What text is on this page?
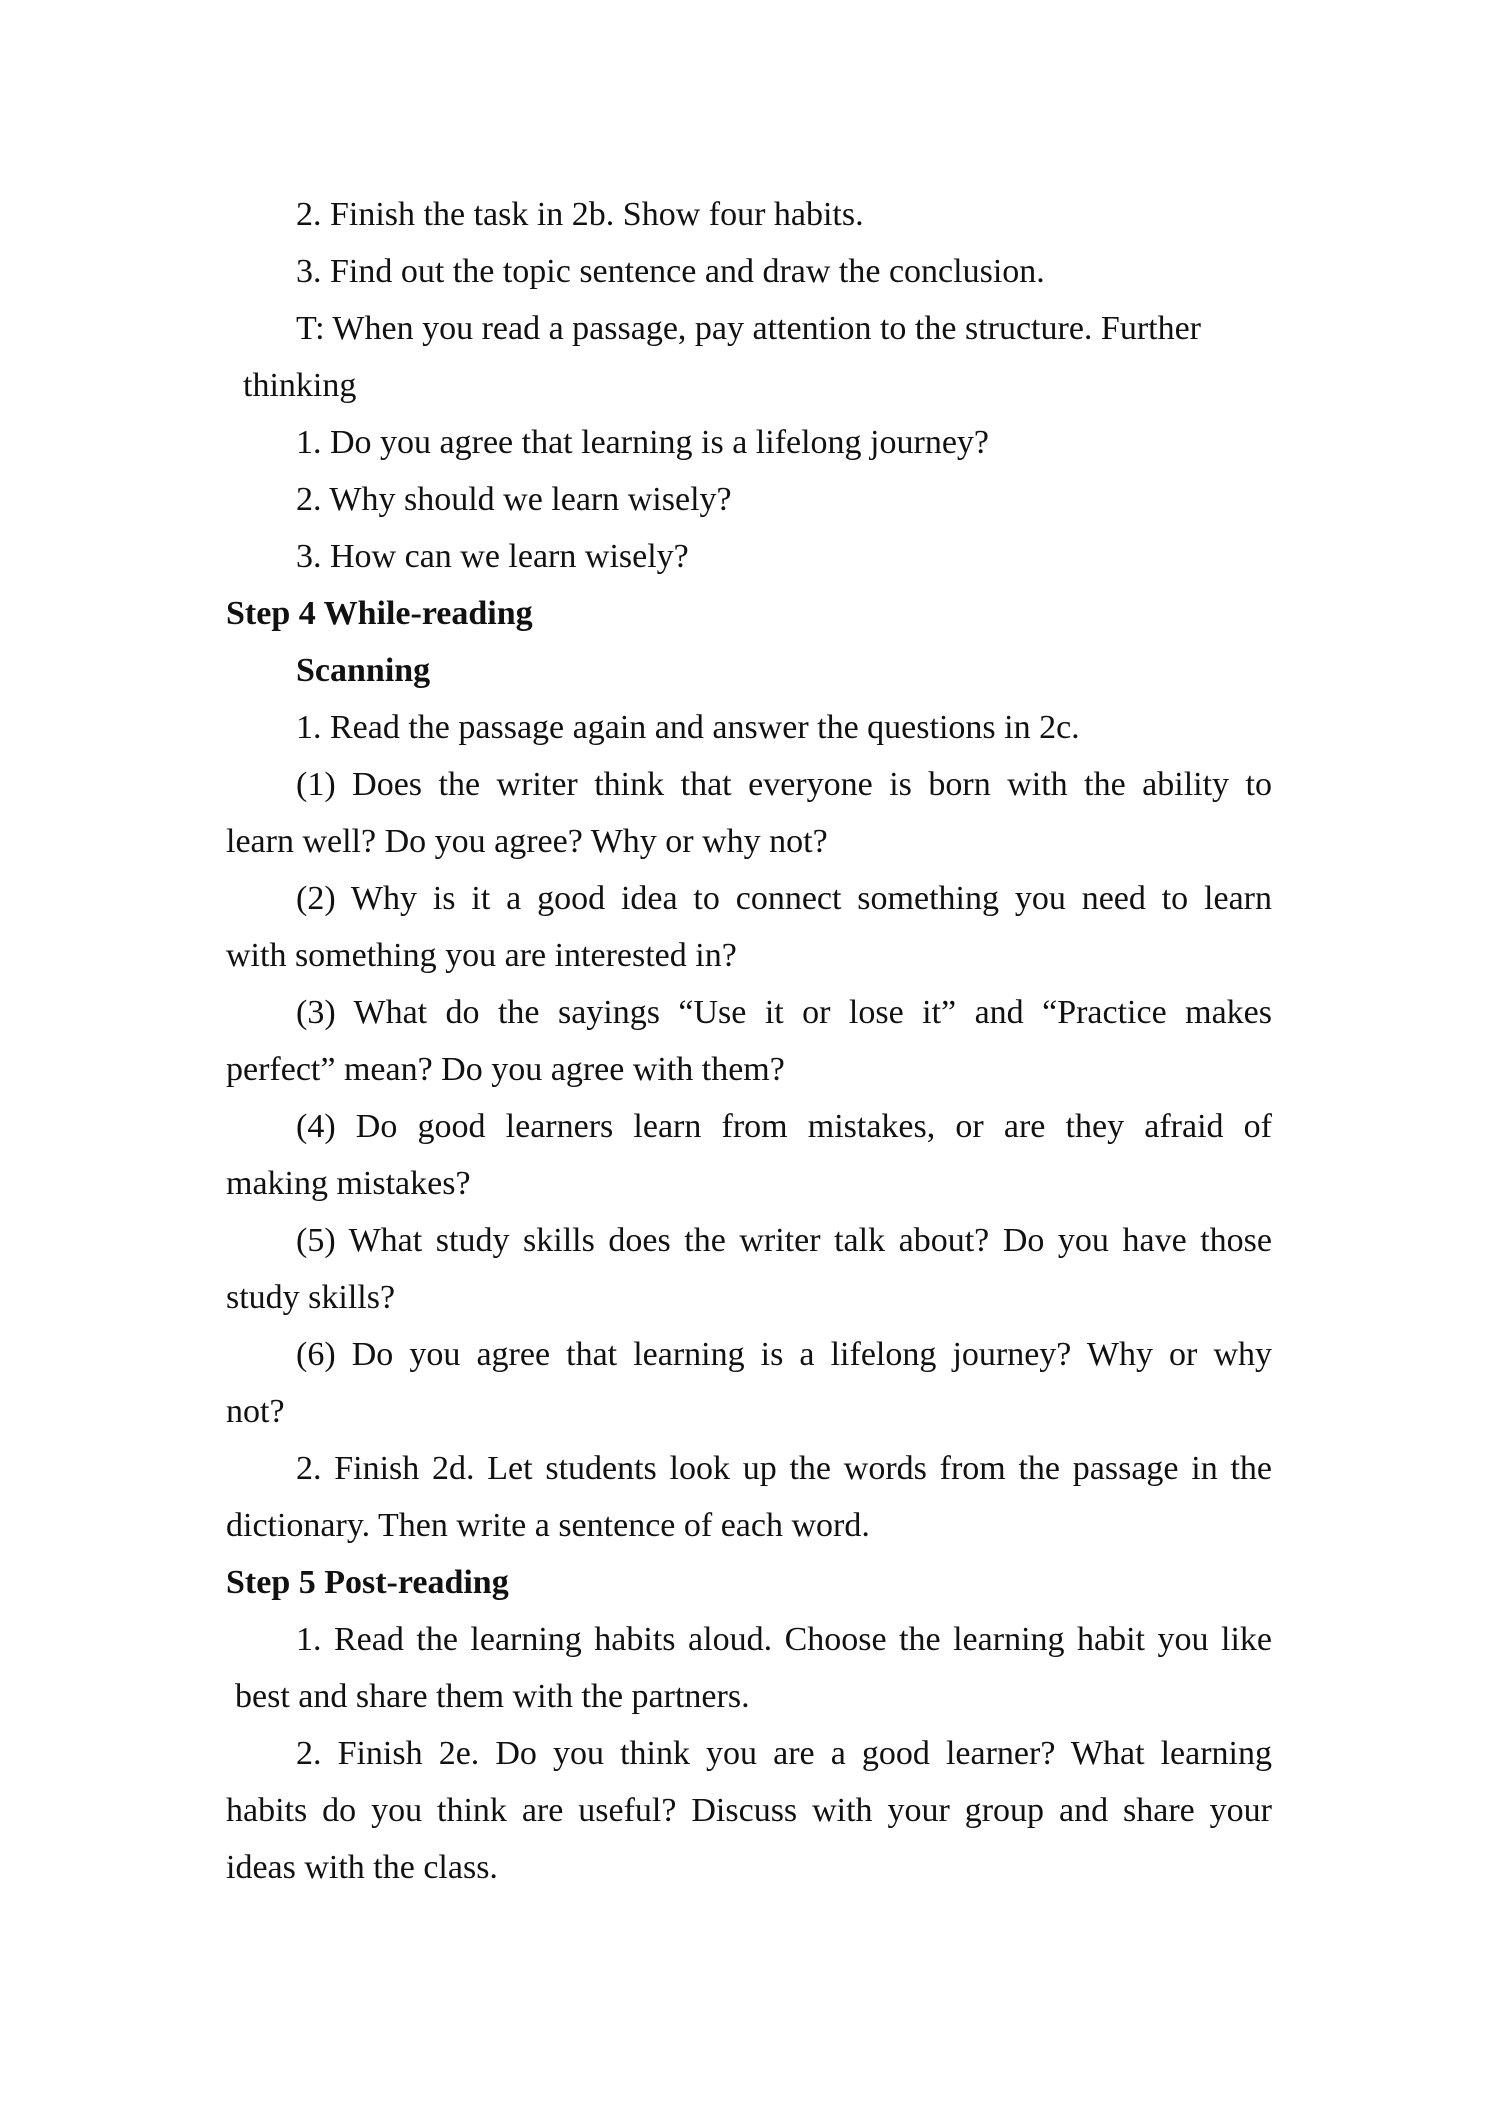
2. Finish the task in 2b. Show four habits.
3. Find out the topic sentence and draw the conclusion.
T: When you read a passage, pay attention to the structure. Further
thinking
1. Do you agree that learning is a lifelong journey?
2. Why should we learn wisely?
3. How can we learn wisely?
Step 4 While-reading
Scanning
1. Read the passage again and answer the questions in 2c.
(1) Does the writer think that everyone is born with the ability to
learn well? Do you agree? Why or why not?
(2) Why is it a good idea to connect something you need to learn
with something you are interested in?
(3) What do the sayings “Use it or lose it” and “Practice makes
perfect” mean? Do you agree with them?
(4) Do good learners learn from mistakes, or are they afraid of
making mistakes?
(5) What study skills does the writer talk about? Do you have those
study skills?
(6) Do you agree that learning is a lifelong journey? Why or why
not?
2. Finish 2d. Let students look up the words from the passage in the
dictionary. Then write a sentence of each word.
Step 5 Post-reading
1. Read the learning habits aloud. Choose the learning habit you like
best and share them with the partners.
2. Finish 2e. Do you think you are a good learner? What learning
habits do you think are useful? Discuss with your group and share your
ideas with the class.
